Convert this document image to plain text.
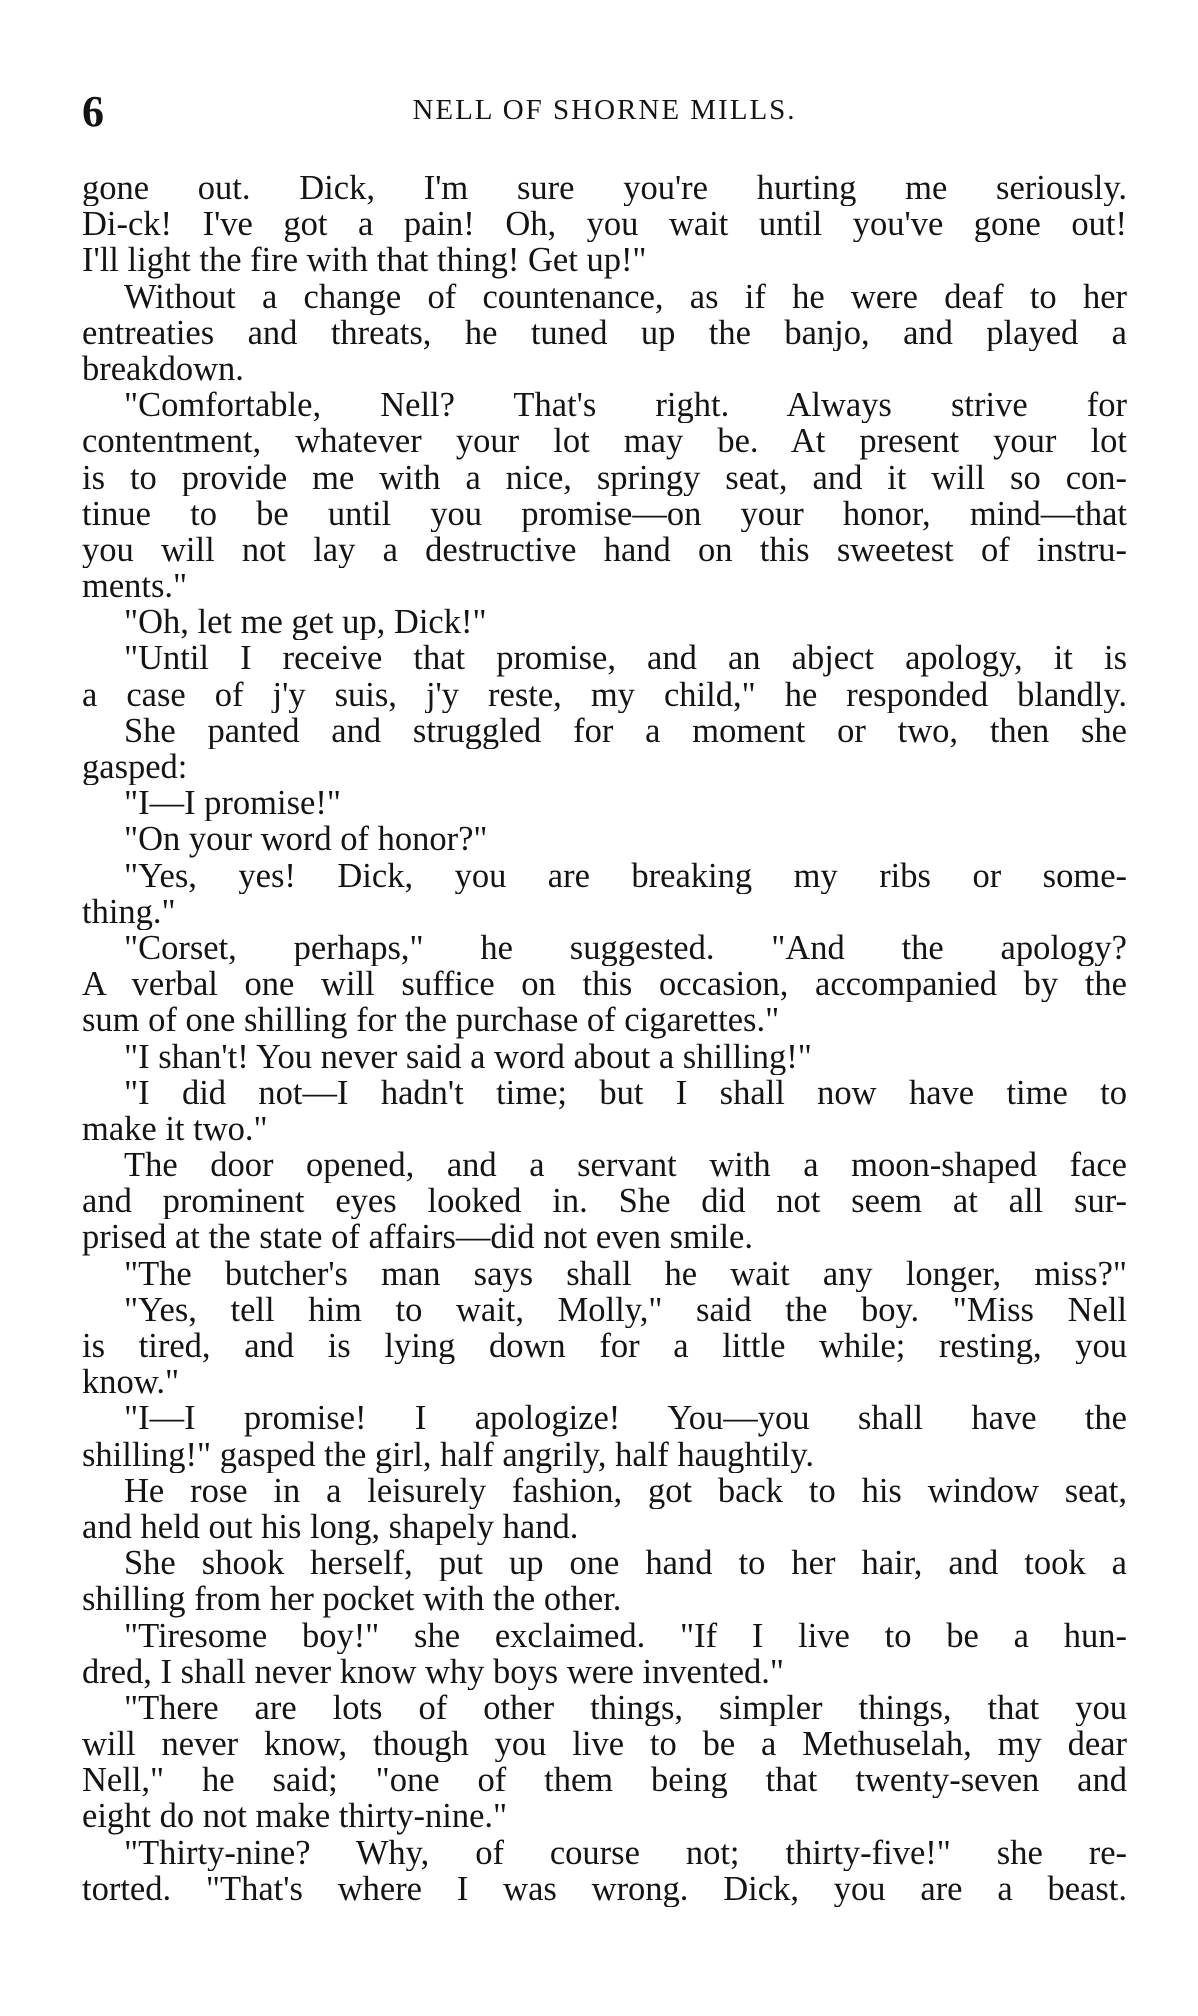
6	NELL OF SHORNE MILLS.
gone out. Dick, I'm sure you're hurting me seriously.
Di-ck! I've got a pain! Oh, you wait until you've gone out!
I'll light the fire with that thing! Get up!"
Without a change of countenance, as if he were deaf to her
entreaties and threats, he tuned up the banjo, and played a
breakdown.
"Comfortable, Nell? That's right. Always strive for
contentment, whatever your lot may be. At present your lot
is to provide me with a nice, springy seat, and it will so con-
tinue to be until you promise—on your honor, mind—that
you will not lay a destructive hand on this sweetest of instru-
ments."
"Oh, let me get up, Dick!"
"Until I receive that promise, and an abject apology, it is
a case of j'y suis, j'y reste, my child," he responded blandly.
She panted and struggled for a moment or two, then she
gasped:
"I—I promise!"
"On your word of honor?"
"Yes, yes! Dick, you are breaking my ribs or some-
thing."
"Corset, perhaps," he suggested. "And the apology?
A verbal one will suffice on this occasion, accompanied by the
sum of one shilling for the purchase of cigarettes."
"I shan't! You never said a word about a shilling!"
"I did not—I hadn't time; but I shall now have time to
make it two."
The door opened, and a servant with a moon-shaped face
and prominent eyes looked in. She did not seem at all sur-
prised at the state of affairs—did not even smile.
"The butcher's man says shall he wait any longer, miss?"
"Yes, tell him to wait, Molly," said the boy. "Miss Nell
is tired, and is lying down for a little while; resting, you
know."
"I—I promise! I apologize! You—you shall have the
shilling!" gasped the girl, half angrily, half haughtily.
He rose in a leisurely fashion, got back to his window seat,
and held out his long, shapely hand.
She shook herself, put up one hand to her hair, and took a
shilling from her pocket with the other.
"Tiresome boy!" she exclaimed. "If I live to be a hun-
dred, I shall never know why boys were invented."
"There are lots of other things, simpler things, that you
will never know, though you live to be a Methuselah, my dear
Nell," he said; "one of them being that twenty-seven and
eight do not make thirty-nine."
"Thirty-nine? Why, of course not; thirty-five!" she re-
torted. "That's where I was wrong. Dick, you are a beast.
